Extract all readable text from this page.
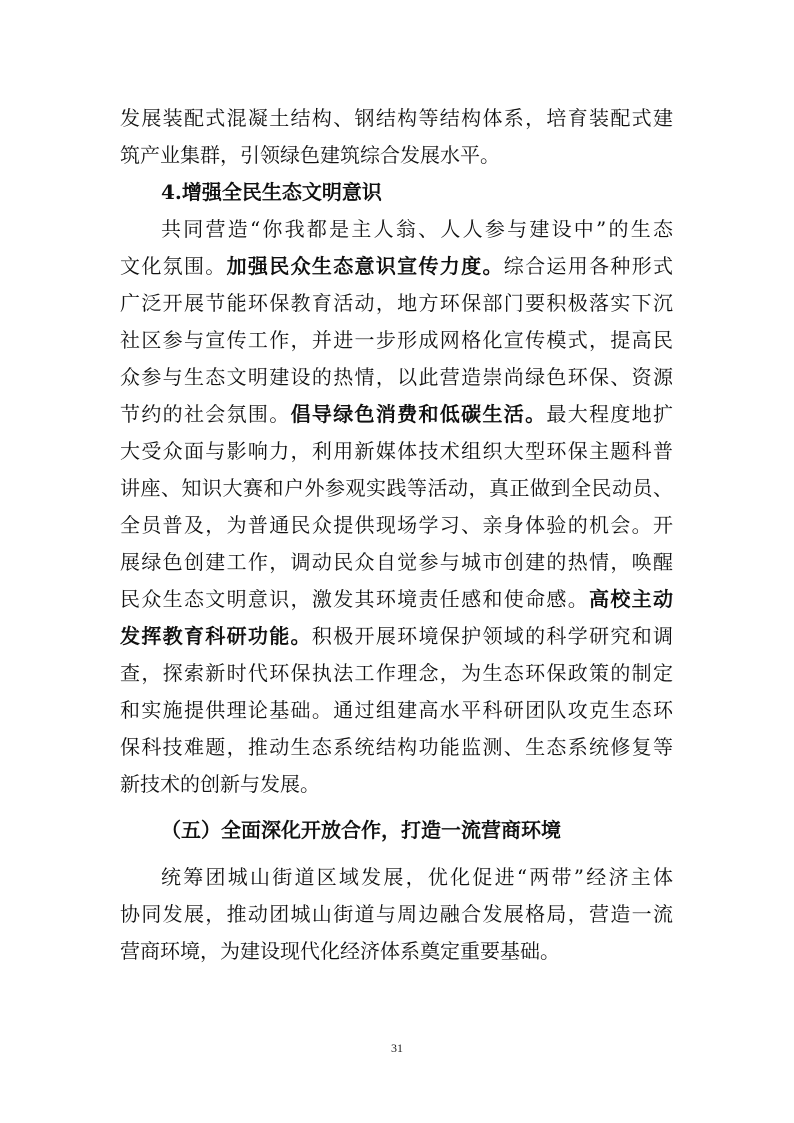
发展装配式混凝土结构、钢结构等结构体系，培育装配式建
筑产业集群，引领绿色建筑综合发展水平。
4.增强全民生态文明意识
共同营造“你我都是主人翁、人人参与建设中”的生态
文化氛围。加强民众生态意识宣传力度。综合运用各种形式
广泛开展节能环保教育活动，地方环保部门要积极落实下沉
社区参与宣传工作，并进一步形成网格化宣传模式，提高民
众参与生态文明建设的热情，以此营造崇尚绿色环保、资源
节约的社会氛围。倡导绿色消费和低碳生活。最大程度地扩
大受众面与影响力，利用新媒体技术组织大型环保主题科普
讲座、知识大赛和户外参观实践等活动，真正做到全民动员、
全员普及，为普通民众提供现场学习、亲身体验的机会。开
展绿色创建工作，调动民众自觉参与城市创建的热情，唤醒
民众生态文明意识，激发其环境责任感和使命感。高校主动
发挥教育科研功能。积极开展环境保护领域的科学研究和调
查，探索新时代环保执法工作理念，为生态环保政策的制定
和实施提供理论基础。通过组建高水平科研团队攻克生态环
保科技难题，推动生态系统结构功能监测、生态系统修复等
新技术的创新与发展。
（五）全面深化开放合作，打造一流营商环境
统筹团城山街道区域发展，优化促进“两带”经济主体
协同发展，推动团城山街道与周边融合发展格局，营造一流
营商环境，为建设现代化经济体系奠定重要基础。
31
